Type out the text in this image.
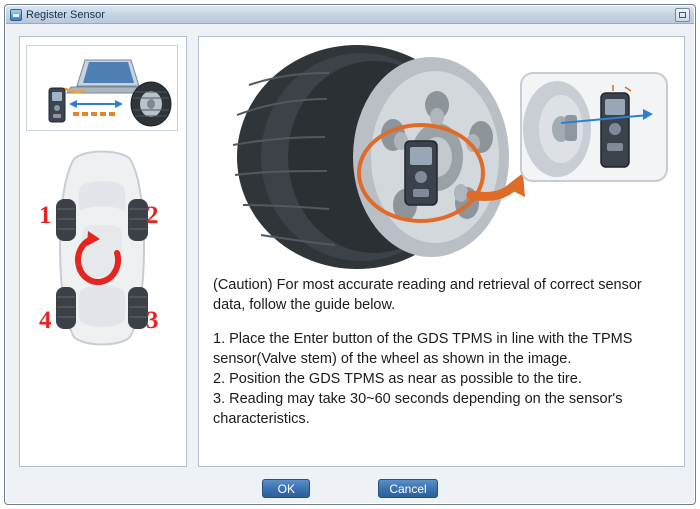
Register Sensor
1	2
3
4

(Caution) For most accurate reading and retrieval of correct sensor data, follow the guide below.

1. Place the Enter button of the GDS TPMS in line with the TPMS sensor(Valve stem) of the wheel as shown in the image.

2. Position the GDS TPMS as near as possible to the tire.

3. Reading may take 30~60 seconds depending on the sensor's characteristics.

OK	Cancel
